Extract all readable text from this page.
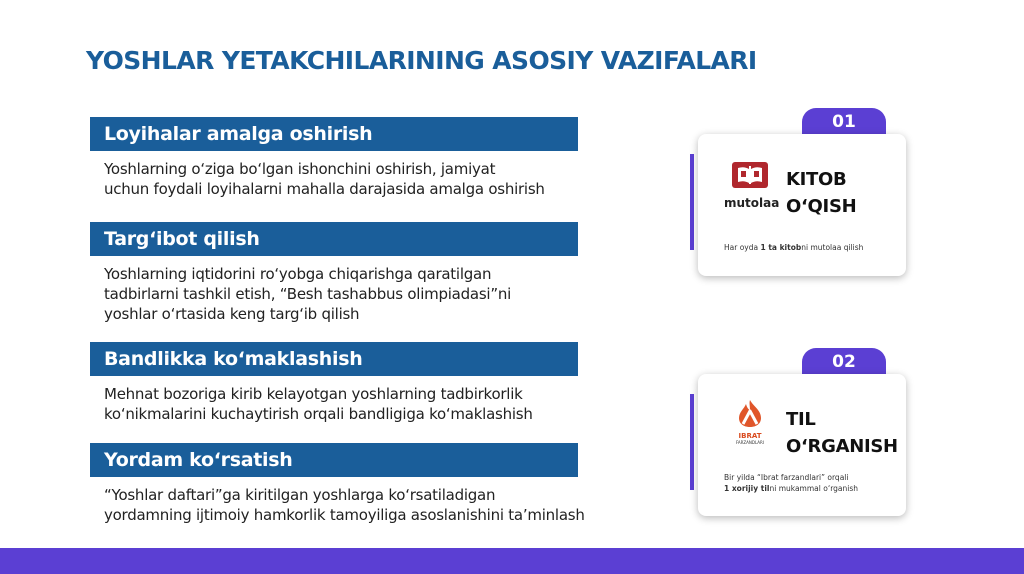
YOSHLAR YETAKCHILARINING ASOSIY VAZIFALARI
Loyihalar amalga oshirish
Yoshlarning o‘ziga bo‘lgan ishonchini oshirish, jamiyat
uchun foydali loyihalarni mahalla darajasida amalga oshirish
Targ‘ibot qilish
Yoshlarning iqtidorini ro‘yobga chiqarishga qaratilgan
tadbirlarni tashkil etish, “Besh tashabbus olimpiadasi”ni
yoshlar o‘rtasida keng targ‘ib qilish
Bandlikka ko‘maklashish
Mehnat bozoriga kirib kelayotgan yoshlarning tadbirkorlik
ko‘nikmalarini kuchaytirish orqali bandligiga ko‘maklashish
Yordam ko‘rsatish
“Yoshlar daftari”ga kiritilgan yoshlarga ko‘rsatiladigan
yordamning ijtimoiy hamkorlik tamoyiliga asoslanishini ta’minlash
01
mutolaa
KITOB
O‘QISH
Har oyda 1 ta kitobni mutolaa qilish
02
IBRAT
FARZANDLARI
TIL
O‘RGANISH
Bir yilda “Ibrat farzandlari” orqali
1 xorijiy tilni mukammal o‘rganish
